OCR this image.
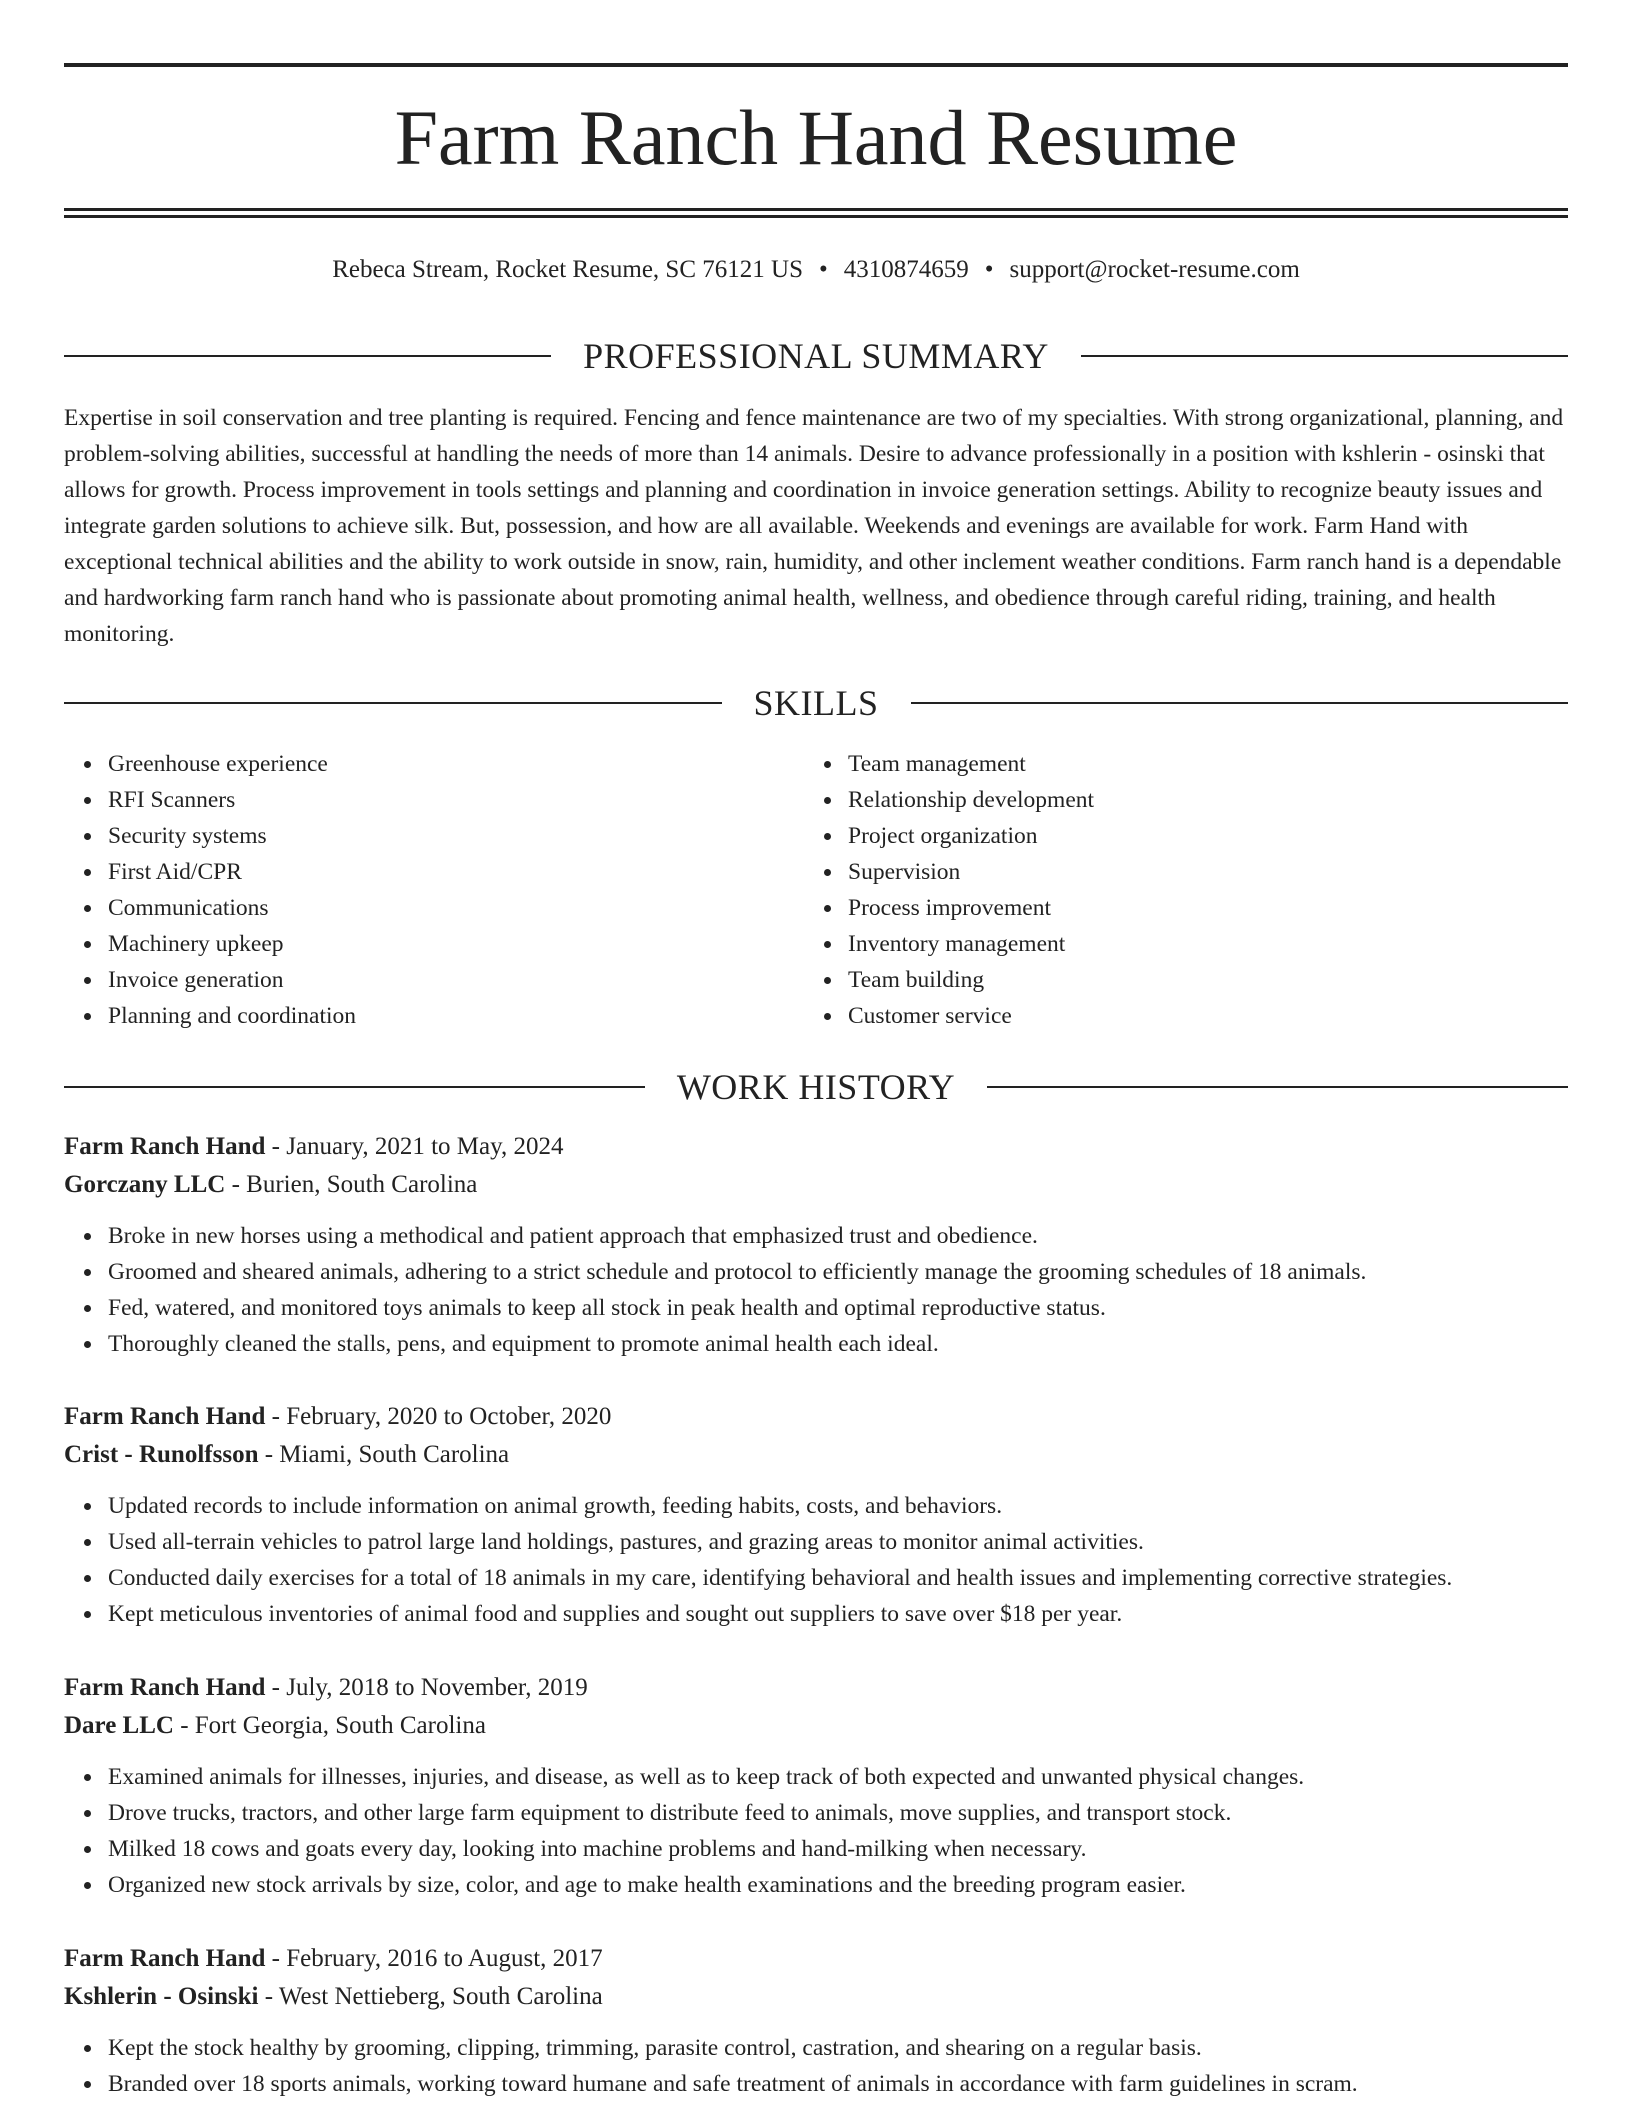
Farm Ranch Hand Resume
Rebeca Stream, Rocket Resume, SC 76121 US • 4310874659 • support@rocket-resume.com
PROFESSIONAL SUMMARY

Expertise in soil conservation and tree planting is required. Fencing and fence maintenance are two of my specialties. With strong organizational, planning, and problem-solving abilities, successful at handling the needs of more than 14 animals. Desire to advance professionally in a position with kshlerin - osinski that allows for growth. Process improvement in tools settings and planning and coordination in invoice generation settings. Ability to recognize beauty issues and integrate garden solutions to achieve silk. But, possession, and how are all available. Weekends and evenings are available for work. Farm Hand with exceptional technical abilities and the ability to work outside in snow, rain, humidity, and other inclement weather conditions. Farm ranch hand is a dependable and hardworking farm ranch hand who is passionate about promoting animal health, wellness, and obedience through careful riding, training, and health monitoring.

SKILLS
Greenhouse experience
RFI Scanners
Security systems
First Aid/CPR
Communications
Machinery upkeep
Invoice generation
Planning and coordination
Team management
Relationship development
Project organization
Supervision
Process improvement
Inventory management
Team building
Customer service
WORK HISTORY
Farm Ranch Hand - January, 2021 to May, 2024
Gorczany LLC - Burien, South Carolina
Broke in new horses using a methodical and patient approach that emphasized trust and obedience.
Groomed and sheared animals, adhering to a strict schedule and protocol to efficiently manage the grooming schedules of 18 animals.
Fed, watered, and monitored toys animals to keep all stock in peak health and optimal reproductive status.
Thoroughly cleaned the stalls, pens, and equipment to promote animal health each ideal.
Farm Ranch Hand - February, 2020 to October, 2020
Crist - Runolfsson - Miami, South Carolina
Updated records to include information on animal growth, feeding habits, costs, and behaviors.
Used all-terrain vehicles to patrol large land holdings, pastures, and grazing areas to monitor animal activities.
Conducted daily exercises for a total of 18 animals in my care, identifying behavioral and health issues and implementing corrective strategies.
Kept meticulous inventories of animal food and supplies and sought out suppliers to save over $18 per year.
Farm Ranch Hand - July, 2018 to November, 2019
Dare LLC - Fort Georgia, South Carolina
Examined animals for illnesses, injuries, and disease, as well as to keep track of both expected and unwanted physical changes.
Drove trucks, tractors, and other large farm equipment to distribute feed to animals, move supplies, and transport stock.
Milked 18 cows and goats every day, looking into machine problems and hand-milking when necessary.
Organized new stock arrivals by size, color, and age to make health examinations and the breeding program easier.
Farm Ranch Hand - February, 2016 to August, 2017
Kshlerin - Osinski - West Nettieberg, South Carolina
Kept the stock healthy by grooming, clipping, trimming, parasite control, castration, and shearing on a regular basis.
Branded over 18 sports animals, working toward humane and safe treatment of animals in accordance with farm guidelines in scram.
